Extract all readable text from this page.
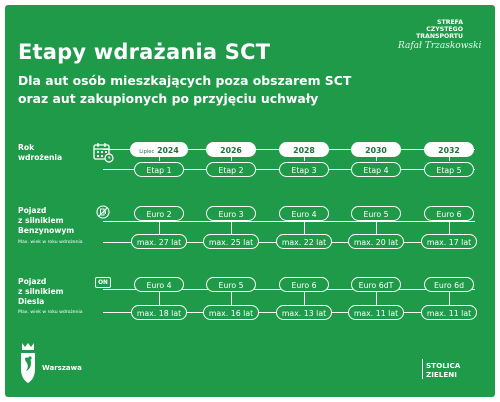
STREFA
CZYSTEGO
TRANSPORTU
Rafał Trzaskowski
Etapy wdrażania SCT
Dla aut osób mieszkających poza obszarem SCT
oraz aut zakupionych po przyjęciu uchwały
Rok
wdrożenia
Lipiec 2024
Etap 1
2026
Etap 2
2028
Etap 3
2030
Etap 4
2032
Etap 5
Pojazd
z silnikiem
Benzynowym
Max. wiek w roku wdrożenia
Euro 2
max. 27 lat
Euro 3
max. 25 lat
Euro 4
max. 22 lat
Euro 5
max. 20 lat
Euro 6
max. 17 lat
Pojazd
z silnikiem
Diesla
Max. wiek w roku wdrożenia
ON	Euro 4
max. 18 lat
Euro 5
max. 16 lat
Euro 6
max. 13 lat
Euro 6dT
max. 11 lat
Euro 6d
max. 11 lat
Warszawa	STOLICA
ZIELENI
